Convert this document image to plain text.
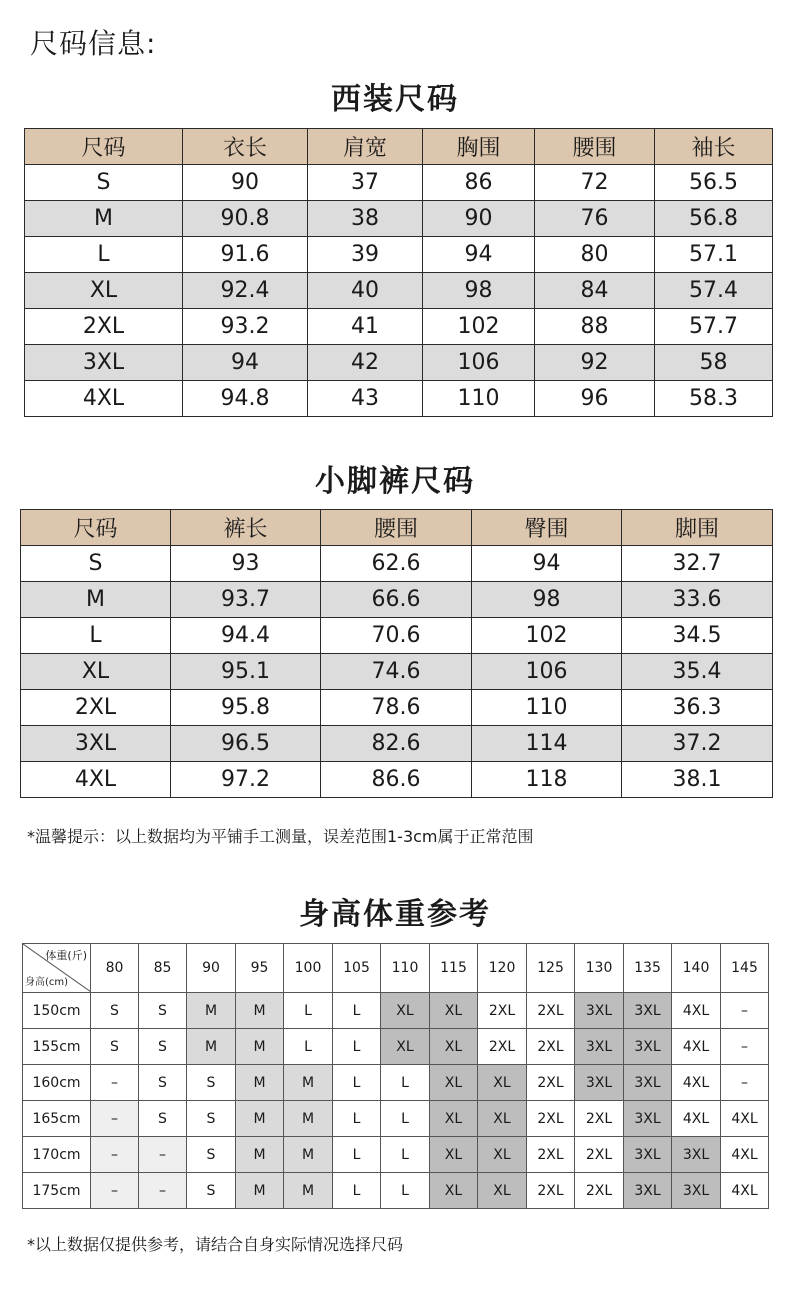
尺码信息:
西装尺码
尺码	衣长	肩宽	胸围	腰围	袖长
S	90	37	86	72	56.5
M	90.8	38	90	76	56.8
L	91.6	39	94	80	57.1
XL	92.4	40	98	84	57.4
2XL	93.2	41	102	88	57.7
3XL	94	42	106	92	58
4XL	94.8	43	110	96	58.3
小脚裤尺码
尺码	裤长	腰围	臀围	脚围
S	93	62.6	94	32.7
M	93.7	66.6	98	33.6
L	94.4	70.6	102	34.5
XL	95.1	74.6	106	35.4
2XL	95.8	78.6	110	36.3
3XL	96.5	82.6	114	37.2
4XL	97.2	86.6	118	38.1
*温馨提示：以上数据均为平铺手工测量，误差范围1-3cm属于正常范围
身高体重参考
体重(斤)
身高(cm)	80	85	90	95	100	105	110	115	120	125	130	135	140	145
150cm	S	S	M	M	L	L	XL	XL	2XL	2XL	3XL	3XL	4XL	–
155cm	S	S	M	M	L	L	XL	XL	2XL	2XL	3XL	3XL	4XL	–
160cm	–	S	S	M	M	L	L	XL	XL	2XL	3XL	3XL	4XL	–
165cm	–	S	S	M	M	L	L	XL	XL	2XL	2XL	3XL	4XL	4XL
170cm	–	–	S	M	M	L	L	XL	XL	2XL	2XL	3XL	3XL	4XL
175cm	–	–	S	M	M	L	L	XL	XL	2XL	2XL	3XL	3XL	4XL
*以上数据仅提供参考，请结合自身实际情况选择尺码
